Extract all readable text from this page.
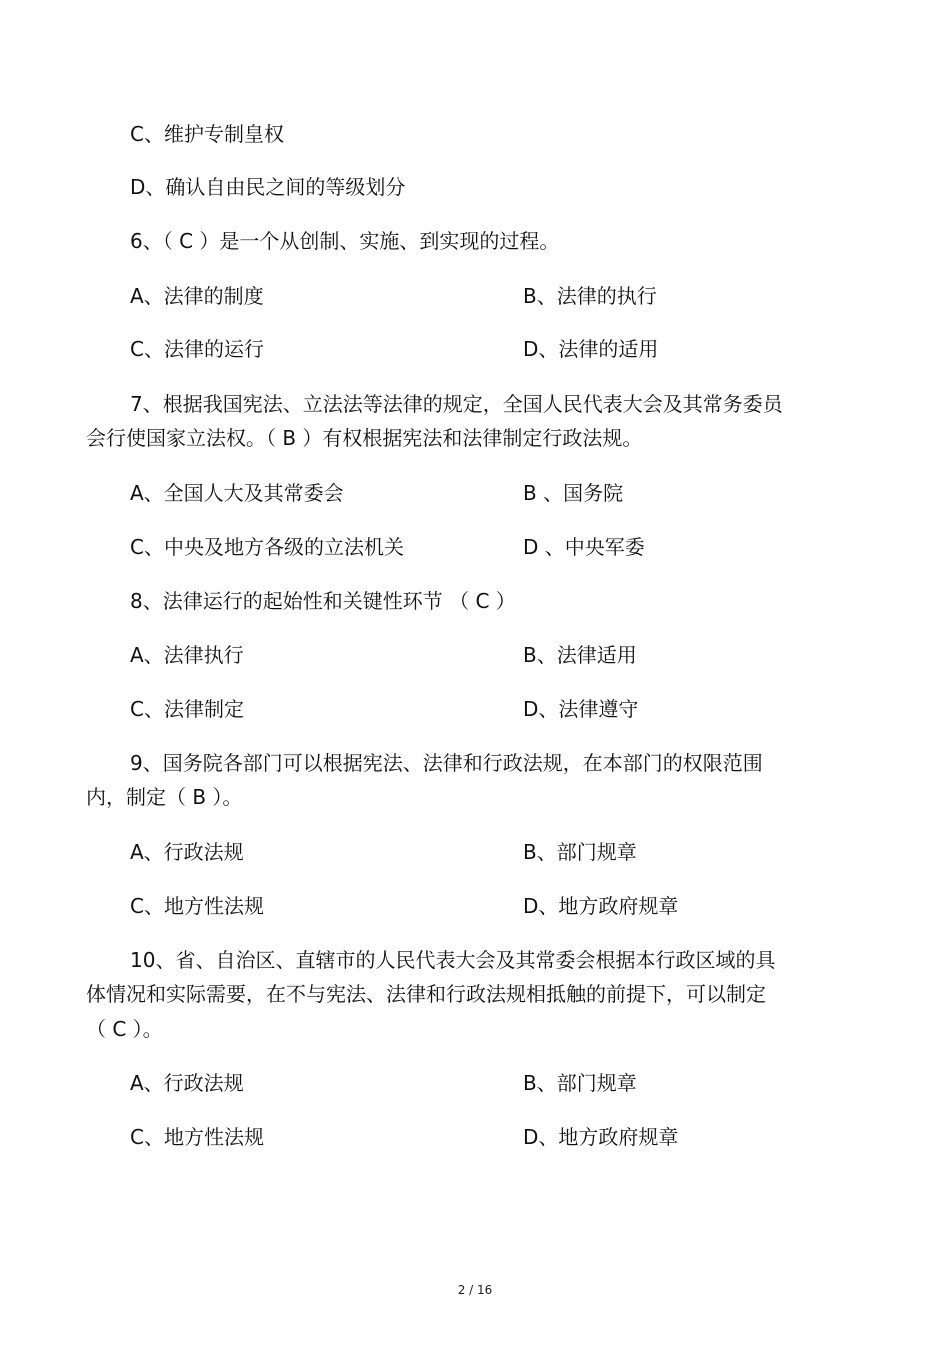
C、维护专制皇权
D、确认自由民之间的等级划分
6、（ C ）是一个从创制、实施、到实现的过程。
A、法律的制度	B、法律的执行
C、法律的运行	D、法律的适用
7、根据我国宪法、立法法等法律的规定，全国人民代表大会及其常务委员
会行使国家立法权。（ B ）有权根据宪法和法律制定行政法规。
A、全国人大及其常委会	B 、国务院
C、中央及地方各级的立法机关	D 、中央军委
8、法律运行的起始性和关键性环节 （ C ）
A、法律执行	B、法律适用
C、法律制定	D、法律遵守
9、国务院各部门可以根据宪法、法律和行政法规，在本部门的权限范围
内，制定（ B ）。
A、行政法规	B、部门规章
C、地方性法规	D、地方政府规章
10、省、自治区、直辖市的人民代表大会及其常委会根据本行政区域的具
体情况和实际需要，在不与宪法、法律和行政法规相抵触的前提下，可以制定
（ C ）。
A、行政法规	B、部门规章
C、地方性法规	D、地方政府规章
2 / 16
